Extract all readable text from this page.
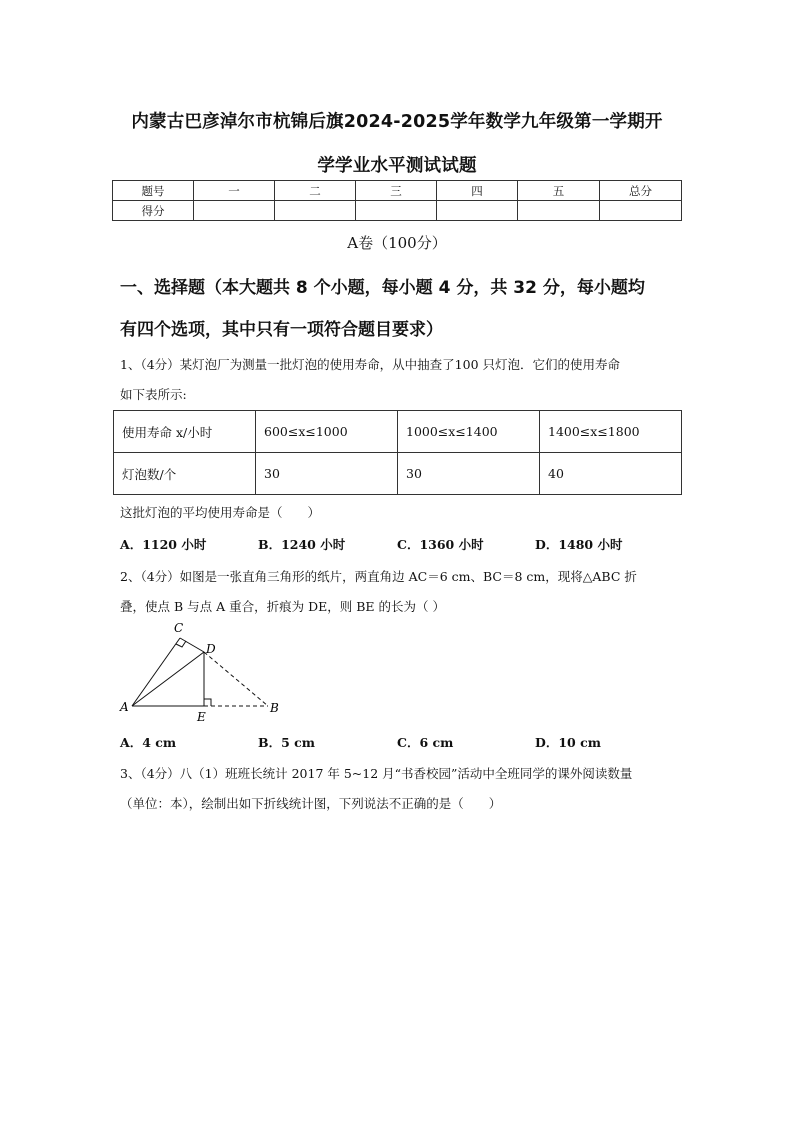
内蒙古巴彦淖尔市杭锦后旗2024-2025学年数学九年级第一学期开
学学业水平测试试题
题号	一	二	三	四	五	总分
得分						
A卷（100分）
一、选择题（本大题共 8 个小题，每小题 4 分，共 32 分，每小题均
有四个选项，其中只有一项符合题目要求）
1、（4分）某灯泡厂为测量一批灯泡的使用寿命，从中抽查了100 只灯泡．它们的使用寿命
如下表所示:
使用寿命 x/小时	600≤x≤1000	1000≤x≤1400	1400≤x≤1800
灯泡数/个	30	30	40
这批灯泡的平均使用寿命是（　　）
A．1120 小时	B．1240 小时	C．1360 小时	D．1480 小时
2、（4分）如图是一张直角三角形的纸片，两直角边 AC＝6 cm、BC＝8 cm，现将△ABC 折
叠，使点 B 与点 A 重合，折痕为 DE，则 BE 的长为（ ）
C
D
A
E
B
A．4 cm	B．5 cm	C．6 cm	D．10 cm
3、（4分）八（1）班班长统计 2017 年 5~12 月“书香校园”活动中全班同学的课外阅读数量
（单位：本），绘制出如下折线统计图，下列说法不正确的是（　　）
